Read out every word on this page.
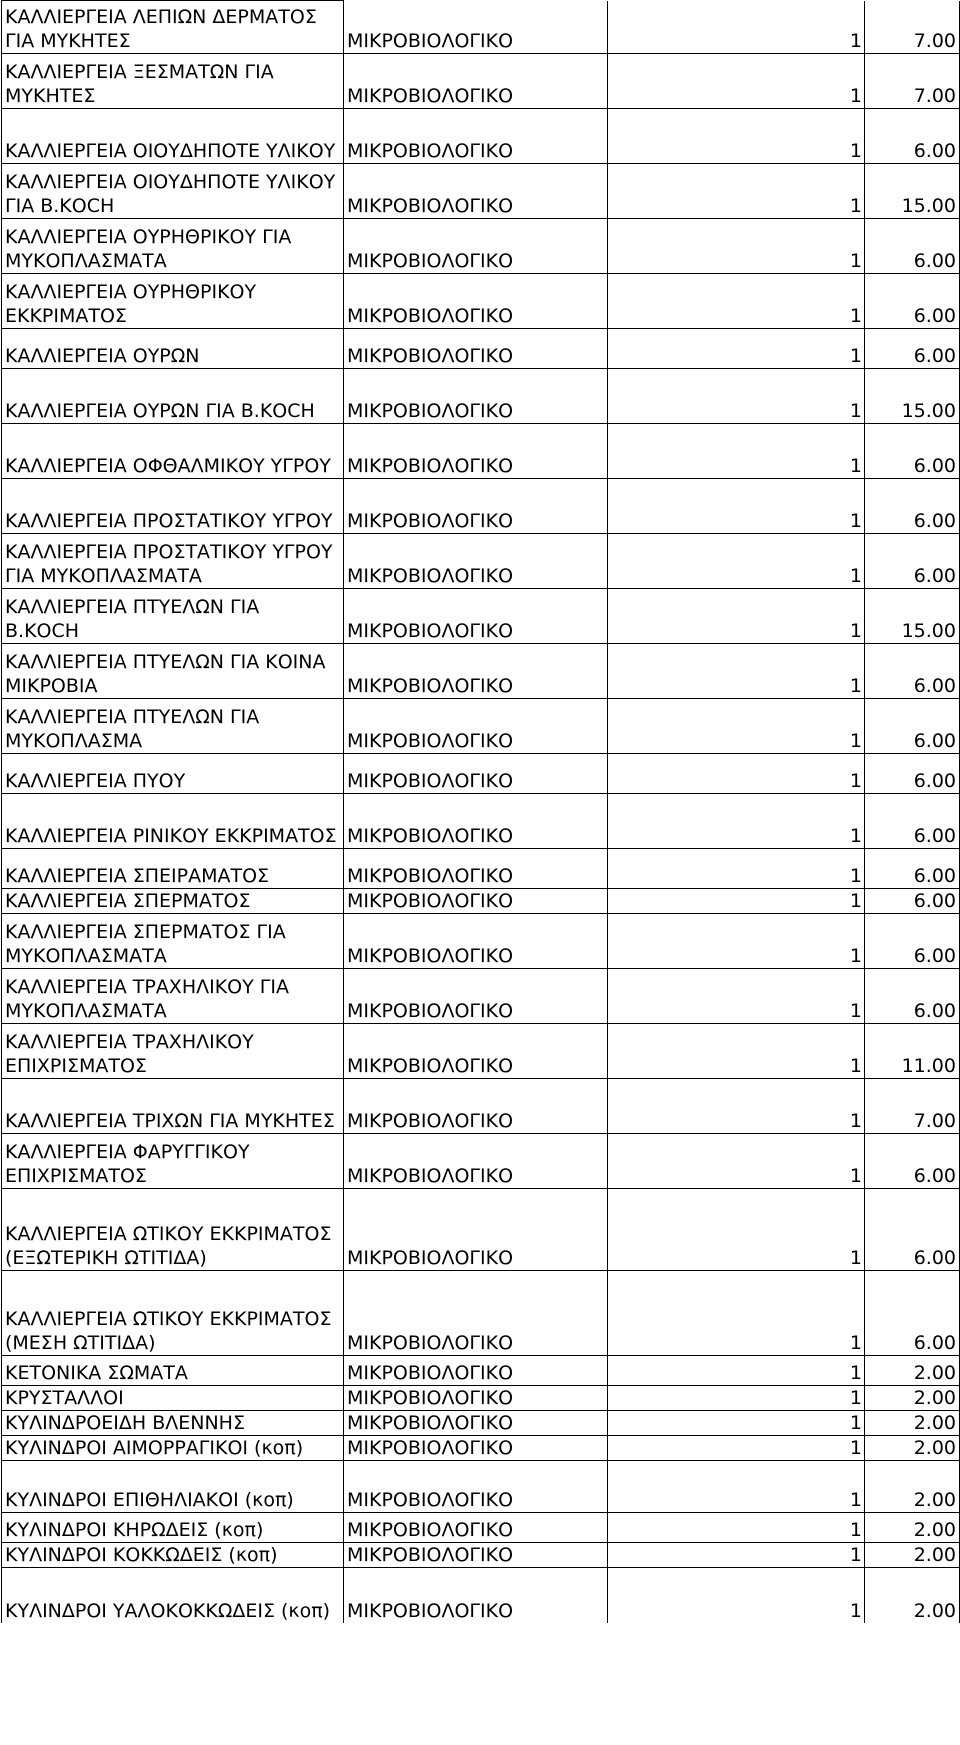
ΚΑΛΛΙΕΡΓΕΙΑ ΛΕΠΙΩΝ ΔΕΡΜΑΤΟΣ ΓΙΑ ΜΥΚΗΤΕΣ	ΜΙΚΡΟΒΙΟΛΟΓΙΚΟ	1	7.00
ΚΑΛΛΙΕΡΓΕΙΑ ΞΕΣΜΑΤΩΝ ΓΙΑ ΜΥΚΗΤΕΣ	ΜΙΚΡΟΒΙΟΛΟΓΙΚΟ	1	7.00
ΚΑΛΛΙΕΡΓΕΙΑ ΟΙΟΥΔΗΠΟΤΕ ΥΛΙΚΟΥ	ΜΙΚΡΟΒΙΟΛΟΓΙΚΟ	1	6.00
ΚΑΛΛΙΕΡΓΕΙΑ ΟΙΟΥΔΗΠΟΤΕ ΥΛΙΚΟΥ ΓΙΑ Β.ΚΟCH	ΜΙΚΡΟΒΙΟΛΟΓΙΚΟ	1	15.00
ΚΑΛΛΙΕΡΓΕΙΑ ΟΥΡΗΘΡΙΚΟΥ ΓΙΑ ΜΥΚΟΠΛΑΣΜΑΤΑ	ΜΙΚΡΟΒΙΟΛΟΓΙΚΟ	1	6.00
ΚΑΛΛΙΕΡΓΕΙΑ ΟΥΡΗΘΡΙΚΟΥ ΕΚΚΡΙΜΑΤΟΣ	ΜΙΚΡΟΒΙΟΛΟΓΙΚΟ	1	6.00
ΚΑΛΛΙΕΡΓΕΙΑ ΟΥΡΩΝ	ΜΙΚΡΟΒΙΟΛΟΓΙΚΟ	1	6.00
ΚΑΛΛΙΕΡΓΕΙΑ ΟΥΡΩΝ ΓΙΑ Β.ΚΟCH	ΜΙΚΡΟΒΙΟΛΟΓΙΚΟ	1	15.00
ΚΑΛΛΙΕΡΓΕΙΑ ΟΦΘΑΛΜΙΚΟΥ ΥΓΡΟΥ	ΜΙΚΡΟΒΙΟΛΟΓΙΚΟ	1	6.00
ΚΑΛΛΙΕΡΓΕΙΑ ΠΡΟΣΤΑΤΙΚΟΥ ΥΓΡΟΥ	ΜΙΚΡΟΒΙΟΛΟΓΙΚΟ	1	6.00
ΚΑΛΛΙΕΡΓΕΙΑ ΠΡΟΣΤΑΤΙΚΟΥ ΥΓΡΟΥ ΓΙΑ ΜΥΚΟΠΛΑΣΜΑΤΑ	ΜΙΚΡΟΒΙΟΛΟΓΙΚΟ	1	6.00
ΚΑΛΛΙΕΡΓΕΙΑ ΠΤΥΕΛΩΝ ΓΙΑ Β.ΚΟCH	ΜΙΚΡΟΒΙΟΛΟΓΙΚΟ	1	15.00
ΚΑΛΛΙΕΡΓΕΙΑ ΠΤΥΕΛΩΝ ΓΙΑ ΚΟΙΝΑ ΜΙΚΡΟΒΙΑ	ΜΙΚΡΟΒΙΟΛΟΓΙΚΟ	1	6.00
ΚΑΛΛΙΕΡΓΕΙΑ ΠΤΥΕΛΩΝ ΓΙΑ ΜΥΚΟΠΛΑΣΜΑ	ΜΙΚΡΟΒΙΟΛΟΓΙΚΟ	1	6.00
ΚΑΛΛΙΕΡΓΕΙΑ ΠΥΟΥ	ΜΙΚΡΟΒΙΟΛΟΓΙΚΟ	1	6.00
ΚΑΛΛΙΕΡΓΕΙΑ ΡΙΝΙΚΟΥ ΕΚΚΡΙΜΑΤΟΣ	ΜΙΚΡΟΒΙΟΛΟΓΙΚΟ	1	6.00
ΚΑΛΛΙΕΡΓΕΙΑ ΣΠΕΙΡΑΜΑΤΟΣ	ΜΙΚΡΟΒΙΟΛΟΓΙΚΟ	1	6.00
ΚΑΛΛΙΕΡΓΕΙΑ ΣΠΕΡΜΑΤΟΣ	ΜΙΚΡΟΒΙΟΛΟΓΙΚΟ	1	6.00
ΚΑΛΛΙΕΡΓΕΙΑ ΣΠΕΡΜΑΤΟΣ ΓΙΑ ΜΥΚΟΠΛΑΣΜΑΤΑ	ΜΙΚΡΟΒΙΟΛΟΓΙΚΟ	1	6.00
ΚΑΛΛΙΕΡΓΕΙΑ ΤΡΑΧΗΛΙΚΟΥ ΓΙΑ ΜΥΚΟΠΛΑΣΜΑΤΑ	ΜΙΚΡΟΒΙΟΛΟΓΙΚΟ	1	6.00
ΚΑΛΛΙΕΡΓΕΙΑ ΤΡΑΧΗΛΙΚΟΥ ΕΠΙΧΡΙΣΜΑΤΟΣ	ΜΙΚΡΟΒΙΟΛΟΓΙΚΟ	1	11.00
ΚΑΛΛΙΕΡΓΕΙΑ ΤΡΙΧΩΝ ΓΙΑ ΜΥΚΗΤΕΣ	ΜΙΚΡΟΒΙΟΛΟΓΙΚΟ	1	7.00
ΚΑΛΛΙΕΡΓΕΙΑ ΦΑΡΥΓΓΙΚΟΥ ΕΠΙΧΡΙΣΜΑΤΟΣ	ΜΙΚΡΟΒΙΟΛΟΓΙΚΟ	1	6.00
ΚΑΛΛΙΕΡΓΕΙΑ ΩΤΙΚΟΥ ΕΚΚΡΙΜΑΤΟΣ (ΕΞΩΤΕΡΙΚΗ ΩΤΙΤΙΔΑ)	ΜΙΚΡΟΒΙΟΛΟΓΙΚΟ	1	6.00
ΚΑΛΛΙΕΡΓΕΙΑ ΩΤΙΚΟΥ ΕΚΚΡΙΜΑΤΟΣ (ΜΕΣΗ ΩΤΙΤΙΔΑ)	ΜΙΚΡΟΒΙΟΛΟΓΙΚΟ	1	6.00
ΚΕΤΟΝΙΚΑ ΣΩΜΑΤΑ	ΜΙΚΡΟΒΙΟΛΟΓΙΚΟ	1	2.00
ΚΡΥΣΤΑΛΛΟΙ	ΜΙΚΡΟΒΙΟΛΟΓΙΚΟ	1	2.00
ΚΥΛΙΝΔΡΟΕΙΔΗ ΒΛΕΝΝΗΣ	ΜΙΚΡΟΒΙΟΛΟΓΙΚΟ	1	2.00
ΚΥΛΙΝΔΡΟΙ ΑΙΜΟΡΡΑΓΙΚΟΙ (κοπ)	ΜΙΚΡΟΒΙΟΛΟΓΙΚΟ	1	2.00
ΚΥΛΙΝΔΡΟΙ ΕΠΙΘΗΛΙΑΚΟΙ (κοπ)	ΜΙΚΡΟΒΙΟΛΟΓΙΚΟ	1	2.00
ΚΥΛΙΝΔΡΟΙ ΚΗΡΩΔΕΙΣ (κοπ)	ΜΙΚΡΟΒΙΟΛΟΓΙΚΟ	1	2.00
ΚΥΛΙΝΔΡΟΙ ΚΟΚΚΩΔΕΙΣ (κοπ)	ΜΙΚΡΟΒΙΟΛΟΓΙΚΟ	1	2.00
ΚΥΛΙΝΔΡΟΙ ΥΑΛΟΚΟΚΚΩΔΕΙΣ (κοπ)	ΜΙΚΡΟΒΙΟΛΟΓΙΚΟ	1	2.00
